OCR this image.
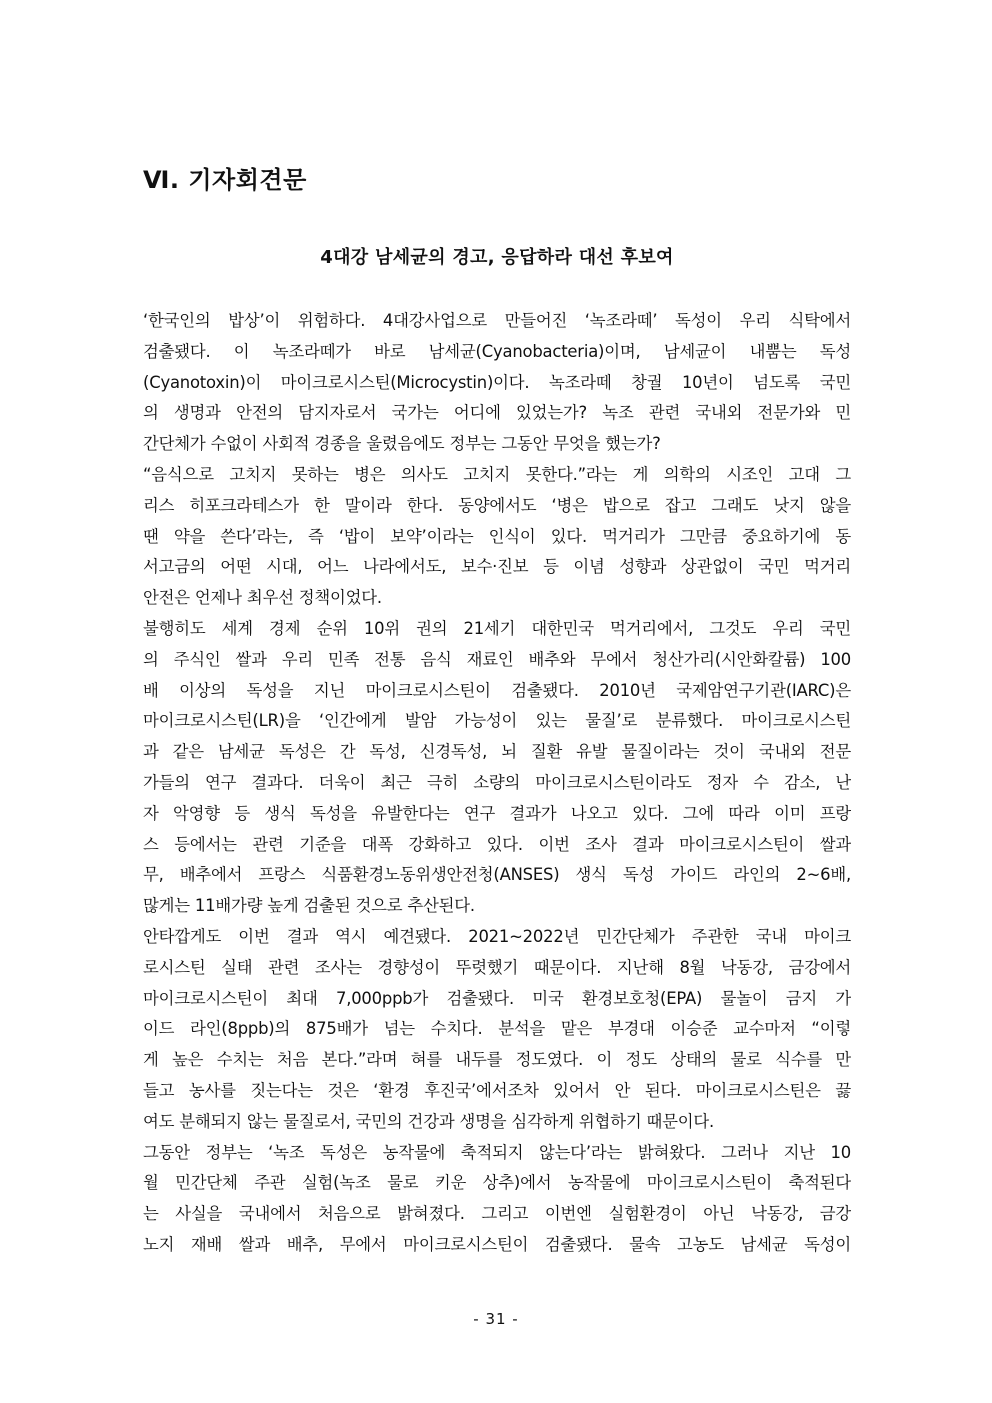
Ⅵ. 기자회견문
4대강 남세균의 경고, 응답하라 대선 후보여
‘한국인의 밥상’이 위험하다. 4대강사업으로 만들어진 ‘녹조라떼’ 독성이 우리 식탁에서
검출됐다. 이 녹조라떼가 바로 남세균(Cyanobacteria)이며, 남세균이 내뿜는 독성
(Cyanotoxin)이 마이크로시스틴(Microcystin)이다. 녹조라떼 창궐 10년이 넘도록 국민
의 생명과 안전의 담지자로서 국가는 어디에 있었는가? 녹조 관련 국내외 전문가와 민
간단체가 수없이 사회적 경종을 울렸음에도 정부는 그동안 무엇을 했는가?
“음식으로 고치지 못하는 병은 의사도 고치지 못한다.”라는 게 의학의 시조인 고대 그
리스 히포크라테스가 한 말이라 한다. 동양에서도 ‘병은 밥으로 잡고 그래도 낫지 않을
땐 약을 쓴다’라는, 즉 ‘밥이 보약’이라는 인식이 있다. 먹거리가 그만큼 중요하기에 동
서고금의 어떤 시대, 어느 나라에서도, 보수·진보 등 이념 성향과 상관없이 국민 먹거리
안전은 언제나 최우선 정책이었다.
불행히도 세계 경제 순위 10위 권의 21세기 대한민국 먹거리에서, 그것도 우리 국민
의 주식인 쌀과 우리 민족 전통 음식 재료인 배추와 무에서 청산가리(시안화칼륨) 100
배 이상의 독성을 지닌 마이크로시스틴이 검출됐다. 2010년 국제암연구기관(IARC)은
마이크로시스틴(LR)을 ‘인간에게 발암 가능성이 있는 물질’로 분류했다. 마이크로시스틴
과 같은 남세균 독성은 간 독성, 신경독성, 뇌 질환 유발 물질이라는 것이 국내외 전문
가들의 연구 결과다. 더욱이 최근 극히 소량의 마이크로시스틴이라도 정자 수 감소, 난
자 악영향 등 생식 독성을 유발한다는 연구 결과가 나오고 있다. 그에 따라 이미 프랑
스 등에서는 관련 기준을 대폭 강화하고 있다. 이번 조사 결과 마이크로시스틴이 쌀과
무, 배추에서 프랑스 식품환경노동위생안전청(ANSES) 생식 독성 가이드 라인의 2~6배,
많게는 11배가량 높게 검출된 것으로 추산된다.
안타깝게도 이번 결과 역시 예견됐다. 2021~2022년 민간단체가 주관한 국내 마이크
로시스틴 실태 관련 조사는 경향성이 뚜렷했기 때문이다. 지난해 8월 낙동강, 금강에서
마이크로시스틴이 최대 7,000ppb가 검출됐다. 미국 환경보호청(EPA) 물놀이 금지 가
이드 라인(8ppb)의 875배가 넘는 수치다. 분석을 맡은 부경대 이승준 교수마저 “이렇
게 높은 수치는 처음 본다.”라며 혀를 내두를 정도였다. 이 정도 상태의 물로 식수를 만
들고 농사를 짓는다는 것은 ‘환경 후진국’에서조차 있어서 안 된다. 마이크로시스틴은 끓
여도 분해되지 않는 물질로서, 국민의 건강과 생명을 심각하게 위협하기 때문이다.
그동안 정부는 ‘녹조 독성은 농작물에 축적되지 않는다’라는 밝혀왔다. 그러나 지난 10
월 민간단체 주관 실험(녹조 물로 키운 상추)에서 농작물에 마이크로시스틴이 축적된다
는 사실을 국내에서 처음으로 밝혀졌다. 그리고 이번엔 실험환경이 아닌 낙동강, 금강
노지 재배 쌀과 배추, 무에서 마이크로시스틴이 검출됐다. 물속 고농도 남세균 독성이
- 31 -
